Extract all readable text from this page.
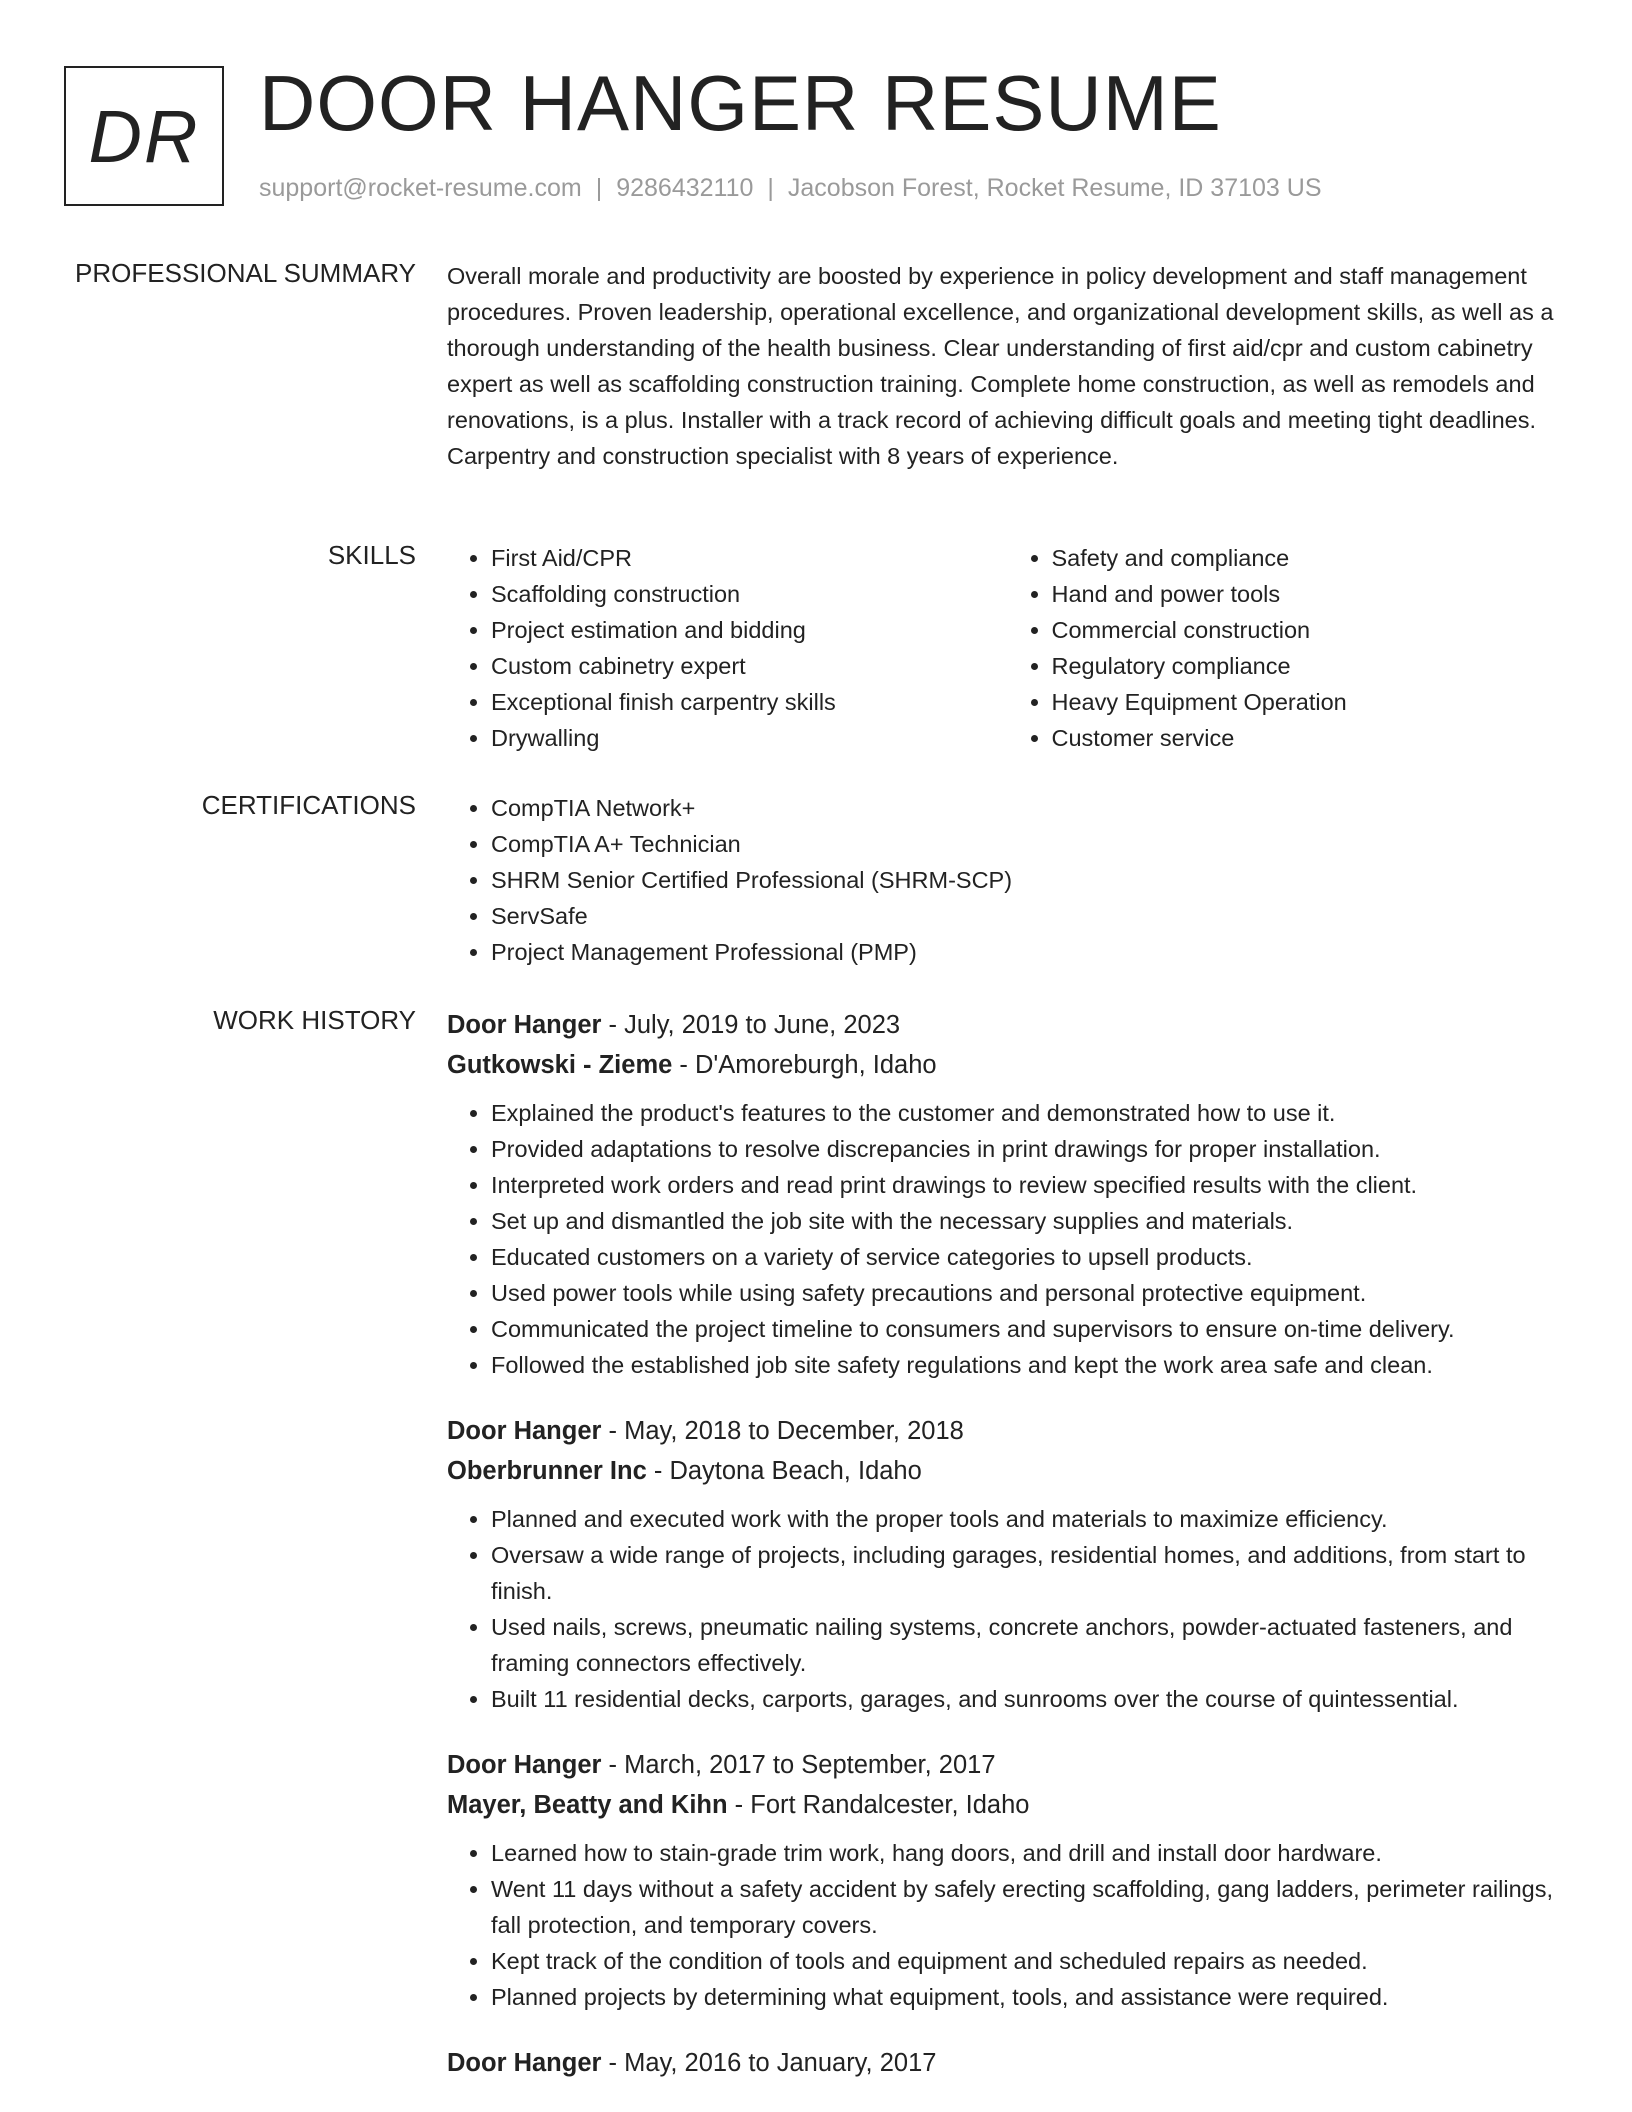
DR DOOR HANGER RESUME
support@rocket-resume.com | 9286432110 | Jacobson Forest, Rocket Resume, ID 37103 US
PROFESSIONAL SUMMARY Overall morale and productivity are boosted by experience in policy development and staff management procedures. Proven leadership, operational excellence, and organizational development skills, as well as a thorough understanding of the health business. Clear understanding of first aid/cpr and custom cabinetry expert as well as scaffolding construction training. Complete home construction, as well as remodels and renovations, is a plus. Installer with a track record of achieving difficult goals and meeting tight deadlines. Carpentry and construction specialist with 8 years of experience.

SKILLS	• First Aid/CPR
• Scaffolding construction
• Project estimation and bidding
• Custom cabinetry expert
• Exceptional finish carpentry skills
• Drywalling
• Safety and compliance
• Hand and power tools
• Commercial construction
• Regulatory compliance
• Heavy Equipment Operation
• Customer service
CERTIFICATIONS	• CompTIA Network+
• CompTIA A+ Technician
• SHRM Senior Certified Professional (SHRM-SCP)
• ServSafe
• Project Management Professional (PMP)
WORK HISTORY Door Hanger - July, 2019 to June, 2023
Gutkowski - Zieme - D'Amoreburgh, Idaho
• Explained the product's features to the customer and demonstrated how to use it.
• Provided adaptations to resolve discrepancies in print drawings for proper installation.
• Interpreted work orders and read print drawings to review specified results with the client.
• Set up and dismantled the job site with the necessary supplies and materials.
• Educated customers on a variety of service categories to upsell products.
• Used power tools while using safety precautions and personal protective equipment.
• Communicated the project timeline to consumers and supervisors to ensure on-time delivery.
• Followed the established job site safety regulations and kept the work area safe and clean.
Door Hanger - May, 2018 to December, 2018
Oberbrunner Inc - Daytona Beach, Idaho
• Planned and executed work with the proper tools and materials to maximize efficiency.
• Oversaw a wide range of projects, including garages, residential homes, and additions, from start to finish.
• Used nails, screws, pneumatic nailing systems, concrete anchors, powder-actuated fasteners, and framing connectors effectively.
• Built 11 residential decks, carports, garages, and sunrooms over the course of quintessential.
Door Hanger - March, 2017 to September, 2017
Mayer, Beatty and Kihn - Fort Randalcester, Idaho
• Learned how to stain-grade trim work, hang doors, and drill and install door hardware.
• Went 11 days without a safety accident by safely erecting scaffolding, gang ladders, perimeter railings, fall protection, and temporary covers.
• Kept track of the condition of tools and equipment and scheduled repairs as needed.
• Planned projects by determining what equipment, tools, and assistance were required.
Door Hanger - May, 2016 to January, 2017
